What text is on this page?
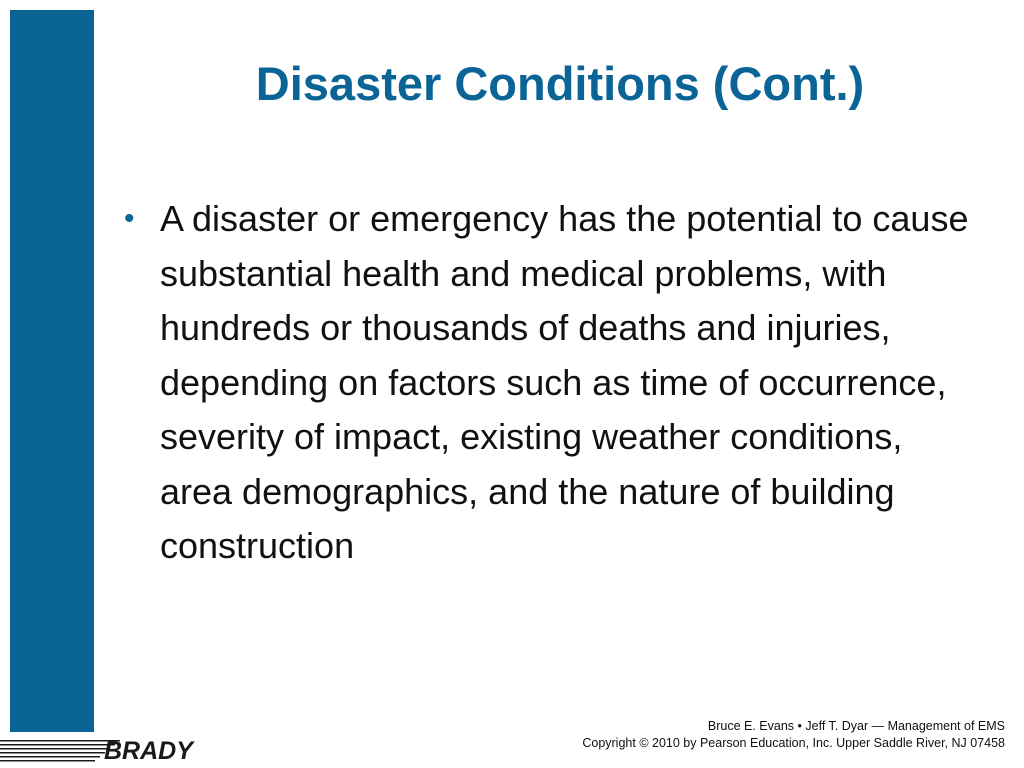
Disaster Conditions (Cont.)
• A disaster or emergency has the potential to cause substantial health and medical problems, with hundreds or thousands of deaths and injuries, depending on factors such as time of occurrence, severity of impact, existing weather conditions, area demographics, and the nature of building construction
Bruce E. Evans • Jeff T. Dyar — Management of EMS
Copyright © 2010 by Pearson Education, Inc. Upper Saddle River, NJ 07458
BRADY
